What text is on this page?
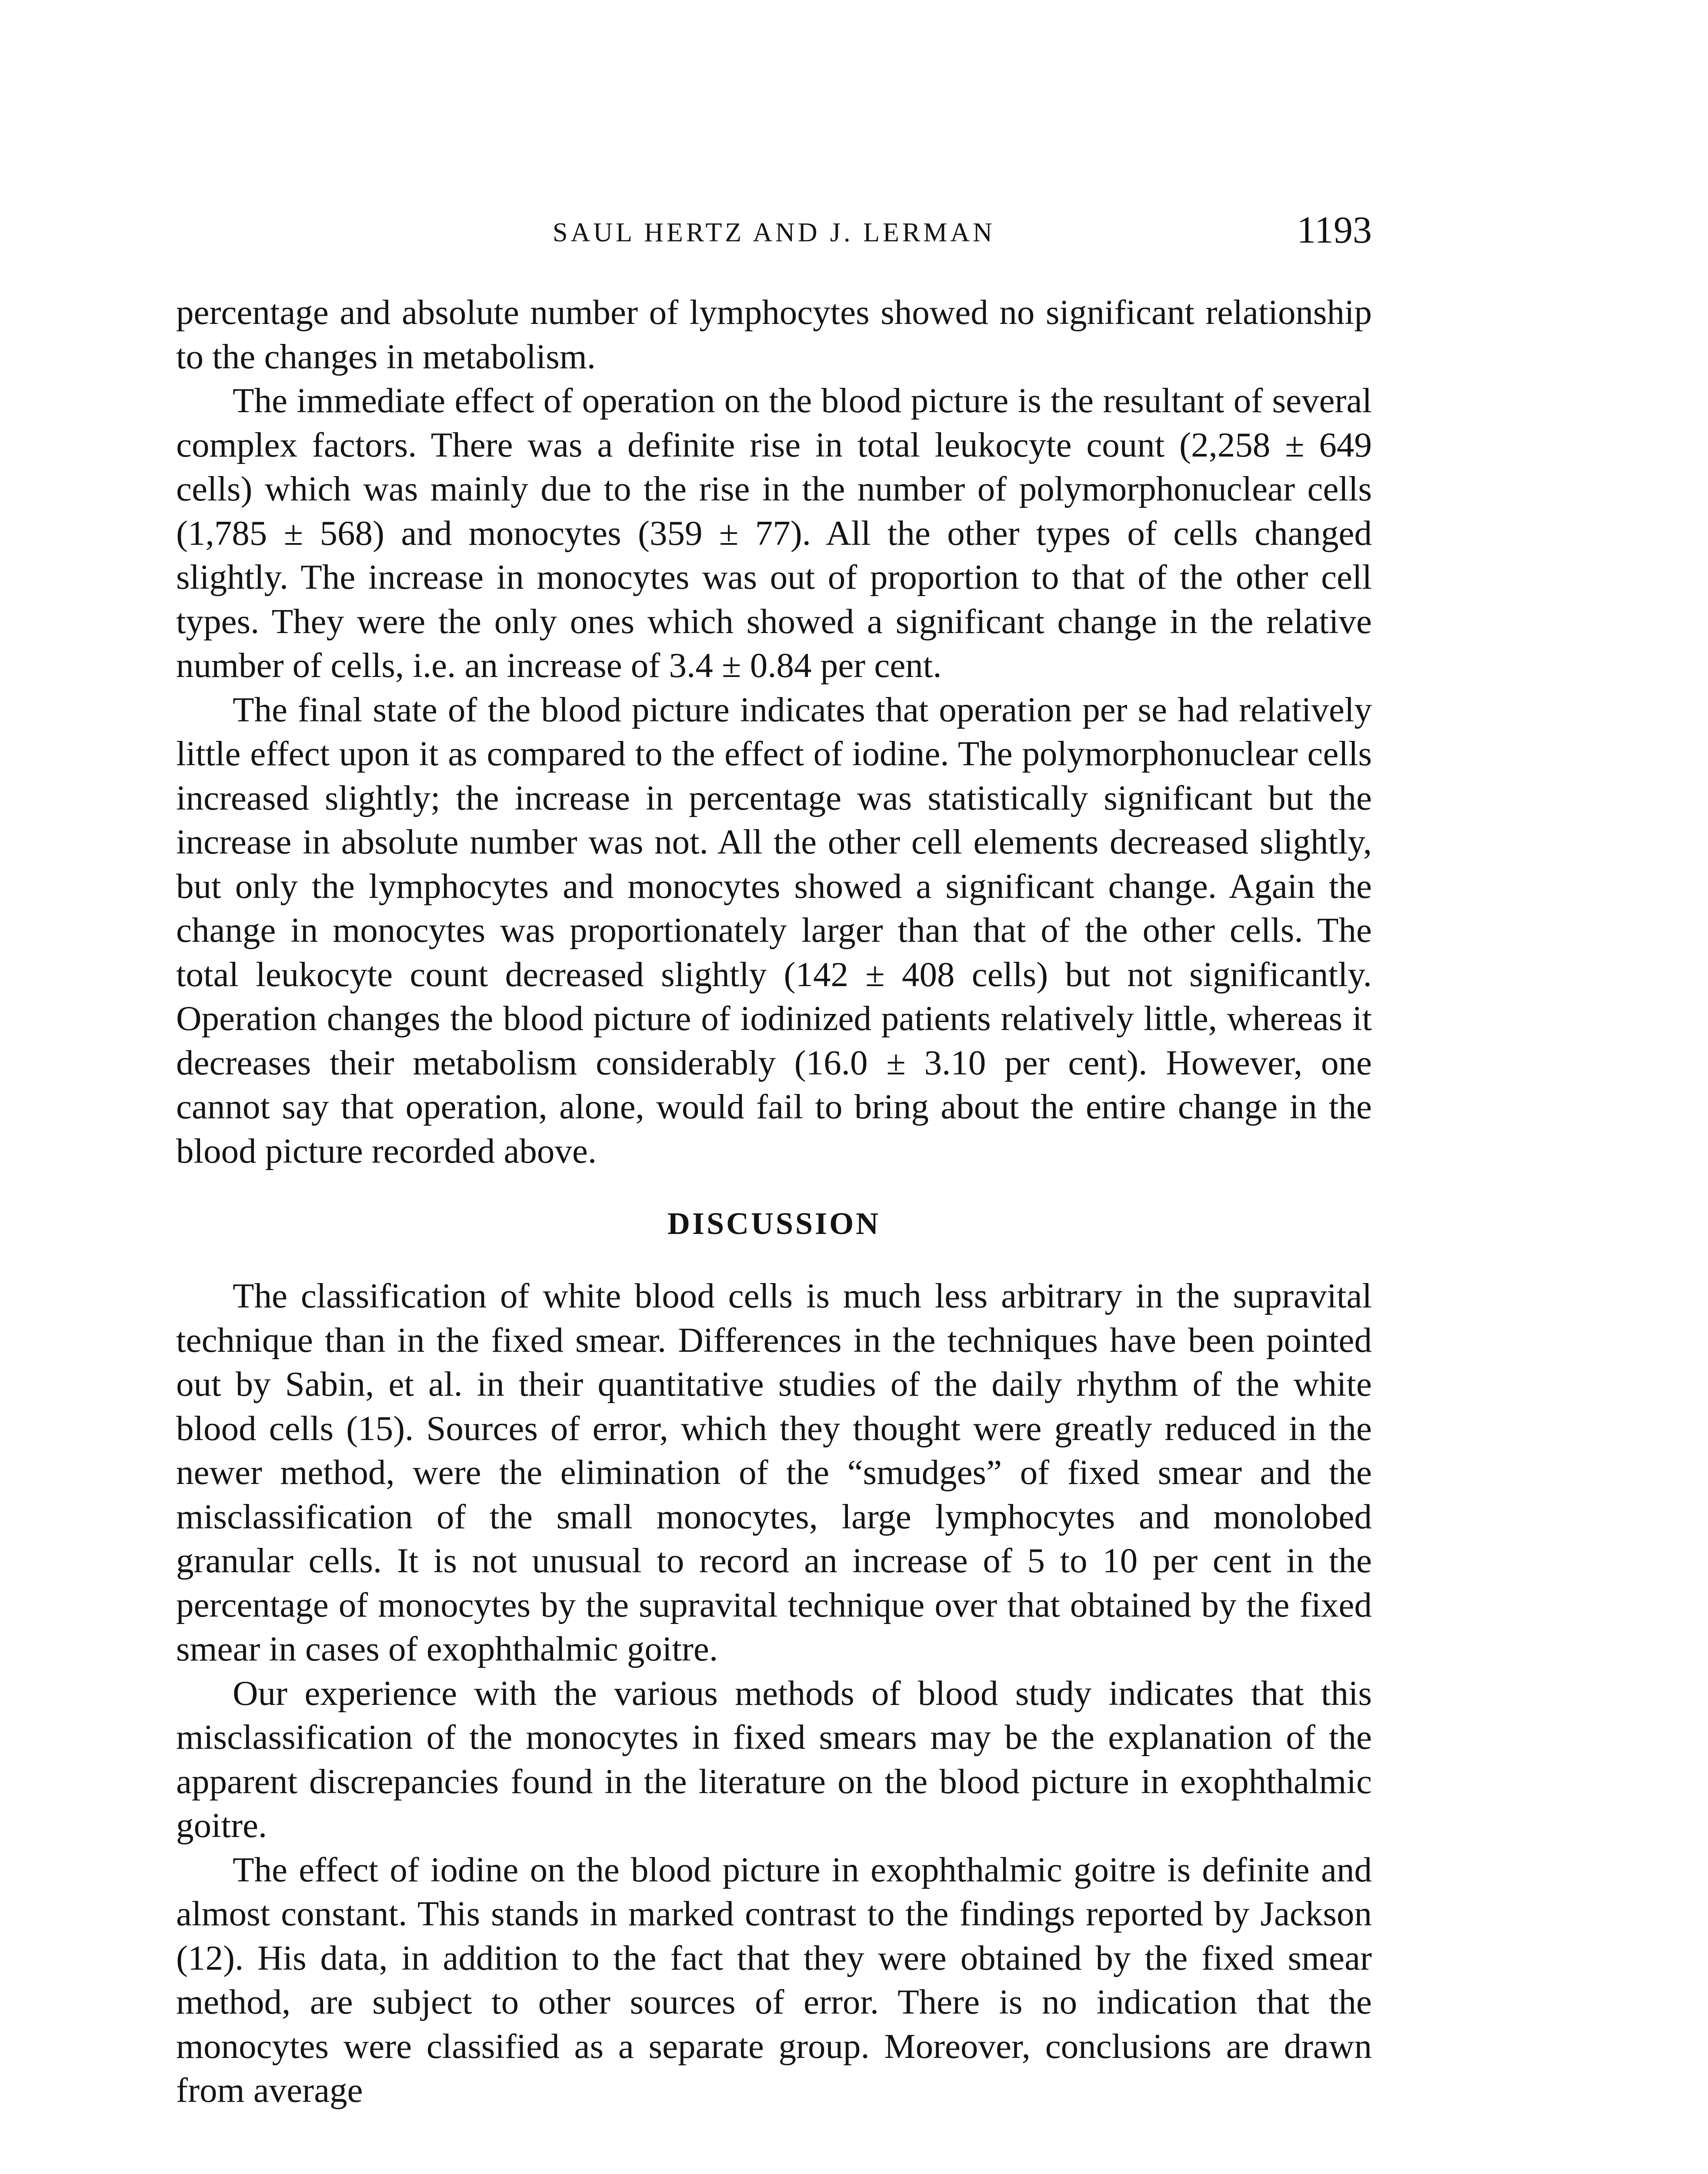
SAUL HERTZ AND J. LERMAN	1193

percentage and absolute number of lymphocytes showed no significant relationship to the changes in metabolism.

The immediate effect of operation on the blood picture is the resultant of several complex factors. There was a definite rise in total leukocyte count (2,258 ± 649 cells) which was mainly due to the rise in the number of polymorphonuclear cells (1,785 ± 568) and monocytes (359 ± 77). All the other types of cells changed slightly. The increase in monocytes was out of proportion to that of the other cell types. They were the only ones which showed a significant change in the relative number of cells, i.e. an increase of 3.4 ± 0.84 per cent.

The final state of the blood picture indicates that operation per se had relatively little effect upon it as compared to the effect of iodine. The polymorphonuclear cells increased slightly; the increase in percentage was statistically significant but the increase in absolute number was not. All the other cell elements decreased slightly, but only the lymphocytes and monocytes showed a significant change. Again the change in monocytes was proportionately larger than that of the other cells. The total leukocyte count decreased slightly (142 ± 408 cells) but not significantly. Operation changes the blood picture of iodinized patients relatively little, whereas it decreases their metabolism considerably (16.0 ± 3.10 per cent). However, one cannot say that operation, alone, would fail to bring about the entire change in the blood picture recorded above.

DISCUSSION

The classification of white blood cells is much less arbitrary in the supravital technique than in the fixed smear. Differences in the techniques have been pointed out by Sabin, et al. in their quantitative studies of the daily rhythm of the white blood cells (15). Sources of error, which they thought were greatly reduced in the newer method, were the elimination of the “smudges” of fixed smear and the misclassification of the small monocytes, large lymphocytes and monolobed granular cells. It is not unusual to record an increase of 5 to 10 per cent in the percentage of monocytes by the supravital technique over that obtained by the fixed smear in cases of exophthalmic goitre.

Our experience with the various methods of blood study indicates that this misclassification of the monocytes in fixed smears may be the explanation of the apparent discrepancies found in the literature on the blood picture in exophthalmic goitre.

The effect of iodine on the blood picture in exophthalmic goitre is definite and almost constant. This stands in marked contrast to the findings reported by Jackson (12). His data, in addition to the fact that they were obtained by the fixed smear method, are subject to other sources of error. There is no indication that the monocytes were classified as a separate group. Moreover, conclusions are drawn from average
